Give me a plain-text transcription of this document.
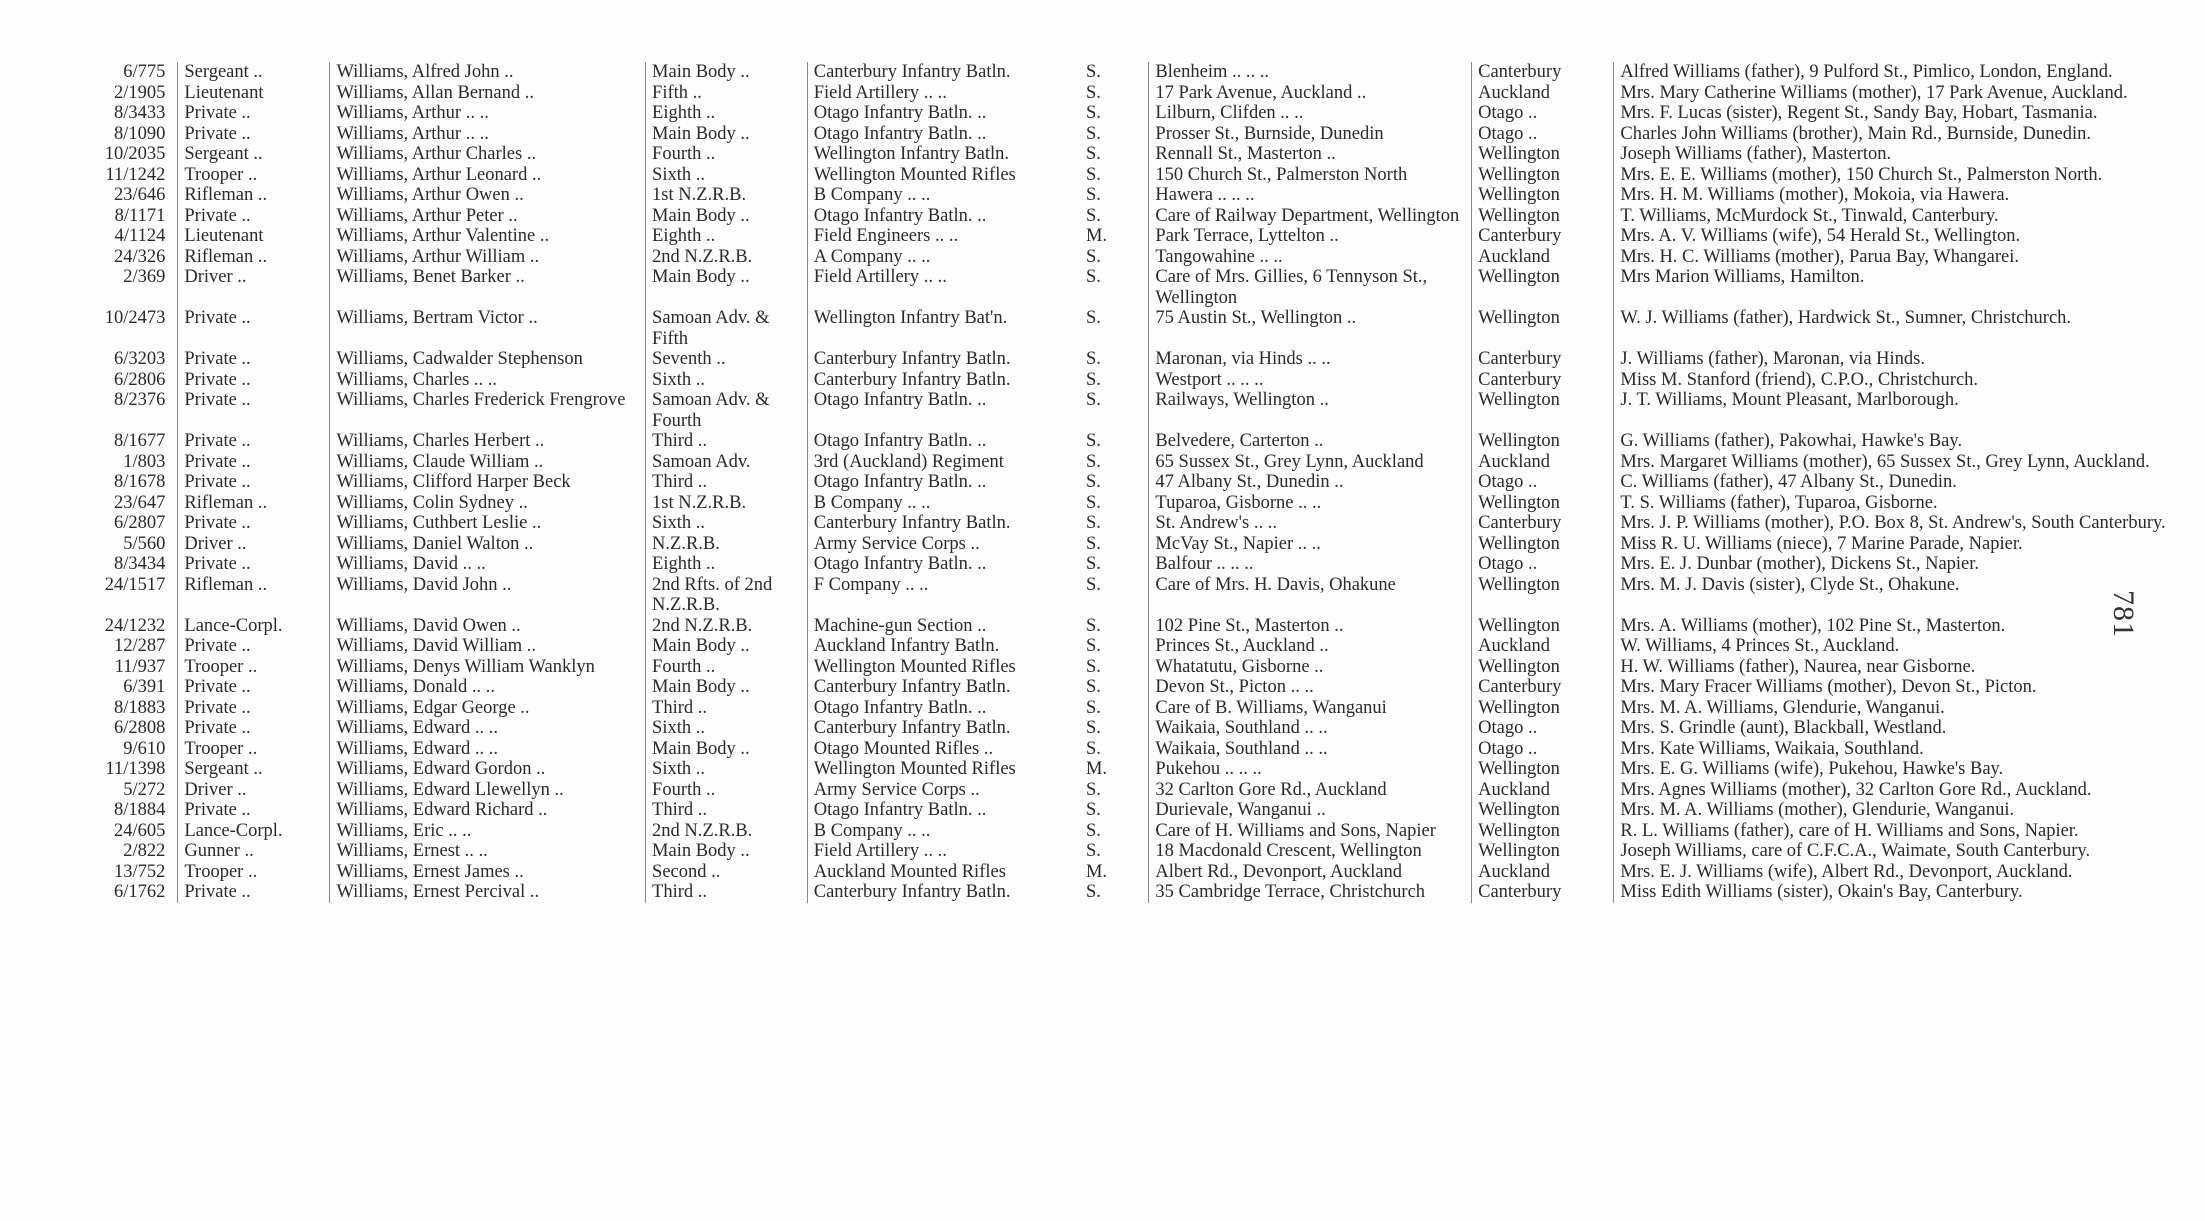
6/775	Sergeant ..	Williams, Alfred John ..	Main Body ..	Canterbury Infantry Batln.	S.	Blenheim .. .. ..	Canterbury	Alfred Williams (father), 9 Pulford St., Pimlico, London, England.
2/1905	Lieutenant	Williams, Allan Bernand ..	Fifth ..	Field Artillery .. ..	S.	17 Park Avenue, Auckland ..	Auckland	Mrs. Mary Catherine Williams (mother), 17 Park Avenue, Auckland.
8/3433	Private ..	Williams, Arthur .. ..	Eighth ..	Otago Infantry Batln. ..	S.	Lilburn, Clifden .. ..	Otago ..	Mrs. F. Lucas (sister), Regent St., Sandy Bay, Hobart, Tasmania.
8/1090	Private ..	Williams, Arthur .. ..	Main Body ..	Otago Infantry Batln. ..	S.	Prosser St., Burnside, Dunedin	Otago ..	Charles John Williams (brother), Main Rd., Burnside, Dunedin.
10/2035	Sergeant ..	Williams, Arthur Charles ..	Fourth ..	Wellington Infantry Batln.	S.	Rennall St., Masterton ..	Wellington	Joseph Williams (father), Masterton.
11/1242	Trooper ..	Williams, Arthur Leonard ..	Sixth ..	Wellington Mounted Rifles	S.	150 Church St., Palmerston North	Wellington	Mrs. E. E. Williams (mother), 150 Church St., Palmerston North.
23/646	Rifleman ..	Williams, Arthur Owen ..	1st N.Z.R.B.	B Company .. ..	S.	Hawera .. .. ..	Wellington	Mrs. H. M. Williams (mother), Mokoia, via Hawera.
8/1171	Private ..	Williams, Arthur Peter ..	Main Body ..	Otago Infantry Batln. ..	S.	Care of Railway Department, Wellington	Wellington	T. Williams, McMurdock St., Tinwald, Canterbury.
4/1124	Lieutenant	Williams, Arthur Valentine ..	Eighth ..	Field Engineers .. ..	M.	Park Terrace, Lyttelton ..	Canterbury	Mrs. A. V. Williams (wife), 54 Herald St., Wellington.
24/326	Rifleman ..	Williams, Arthur William ..	2nd N.Z.R.B.	A Company .. ..	S.	Tangowahine .. ..	Auckland	Mrs. H. C. Williams (mother), Parua Bay, Whangarei.
2/369	Driver ..	Williams, Benet Barker ..	Main Body ..	Field Artillery .. ..	S.	Care of Mrs. Gillies, 6 Tennyson St., Wellington	Wellington	Mrs Marion Williams, Hamilton.
10/2473	Private ..	Williams, Bertram Victor ..	Samoan Adv. & Fifth	Wellington Infantry Bat'n.	S.	75 Austin St., Wellington ..	Wellington	W. J. Williams (father), Hardwick St., Sumner, Christchurch.
6/3203	Private ..	Williams, Cadwalder Stephenson	Seventh ..	Canterbury Infantry Batln.	S.	Maronan, via Hinds .. ..	Canterbury	J. Williams (father), Maronan, via Hinds.
6/2806	Private ..	Williams, Charles .. ..	Sixth ..	Canterbury Infantry Batln.	S.	Westport .. .. ..	Canterbury	Miss M. Stanford (friend), C.P.O., Christchurch.
8/2376	Private ..	Williams, Charles Frederick Frengrove	Samoan Adv. & Fourth	Otago Infantry Batln. ..	S.	Railways, Wellington ..	Wellington	J. T. Williams, Mount Pleasant, Marlborough.
8/1677	Private ..	Williams, Charles Herbert ..	Third ..	Otago Infantry Batln. ..	S.	Belvedere, Carterton ..	Wellington	G. Williams (father), Pakowhai, Hawke's Bay.
1/803	Private ..	Williams, Claude William ..	Samoan Adv.	3rd (Auckland) Regiment	S.	65 Sussex St., Grey Lynn, Auckland	Auckland	Mrs. Margaret Williams (mother), 65 Sussex St., Grey Lynn, Auckland.
8/1678	Private ..	Williams, Clifford Harper Beck	Third ..	Otago Infantry Batln. ..	S.	47 Albany St., Dunedin ..	Otago ..	C. Williams (father), 47 Albany St., Dunedin.
23/647	Rifleman ..	Williams, Colin Sydney ..	1st N.Z.R.B.	B Company .. ..	S.	Tuparoa, Gisborne .. ..	Wellington	T. S. Williams (father), Tuparoa, Gisborne.
6/2807	Private ..	Williams, Cuthbert Leslie ..	Sixth ..	Canterbury Infantry Batln.	S.	St. Andrew's .. ..	Canterbury	Mrs. J. P. Williams (mother), P.O. Box 8, St. Andrew's, South Canterbury.
5/560	Driver ..	Williams, Daniel Walton ..	N.Z.R.B.	Army Service Corps ..	S.	McVay St., Napier .. ..	Wellington	Miss R. U. Williams (niece), 7 Marine Parade, Napier.
8/3434	Private ..	Williams, David .. ..	Eighth ..	Otago Infantry Batln. ..	S.	Balfour .. .. ..	Otago ..	Mrs. E. J. Dunbar (mother), Dickens St., Napier.
24/1517	Rifleman ..	Williams, David John ..	2nd Rfts. of 2nd N.Z.R.B.	F Company .. ..	S.	Care of Mrs. H. Davis, Ohakune	Wellington	Mrs. M. J. Davis (sister), Clyde St., Ohakune.
24/1232	Lance-Corpl.	Williams, David Owen ..	2nd N.Z.R.B.	Machine-gun Section ..	S.	102 Pine St., Masterton ..	Wellington	Mrs. A. Williams (mother), 102 Pine St., Masterton.
12/287	Private ..	Williams, David William ..	Main Body ..	Auckland Infantry Batln.	S.	Princes St., Auckland ..	Auckland	W. Williams, 4 Princes St., Auckland.
11/937	Trooper ..	Williams, Denys William Wanklyn	Fourth ..	Wellington Mounted Rifles	S.	Whatatutu, Gisborne ..	Wellington	H. W. Williams (father), Naurea, near Gisborne.
6/391	Private ..	Williams, Donald .. ..	Main Body ..	Canterbury Infantry Batln.	S.	Devon St., Picton .. ..	Canterbury	Mrs. Mary Fracer Williams (mother), Devon St., Picton.
8/1883	Private ..	Williams, Edgar George ..	Third ..	Otago Infantry Batln. ..	S.	Care of B. Williams, Wanganui	Wellington	Mrs. M. A. Williams, Glendurie, Wanganui.
6/2808	Private ..	Williams, Edward .. ..	Sixth ..	Canterbury Infantry Batln.	S.	Waikaia, Southland .. ..	Otago ..	Mrs. S. Grindle (aunt), Blackball, Westland.
9/610	Trooper ..	Williams, Edward .. ..	Main Body ..	Otago Mounted Rifles ..	S.	Waikaia, Southland .. ..	Otago ..	Mrs. Kate Williams, Waikaia, Southland.
11/1398	Sergeant ..	Williams, Edward Gordon ..	Sixth ..	Wellington Mounted Rifles	M.	Pukehou .. .. ..	Wellington	Mrs. E. G. Williams (wife), Pukehou, Hawke's Bay.
5/272	Driver ..	Williams, Edward Llewellyn ..	Fourth ..	Army Service Corps ..	S.	32 Carlton Gore Rd., Auckland	Auckland	Mrs. Agnes Williams (mother), 32 Carlton Gore Rd., Auckland.
8/1884	Private ..	Williams, Edward Richard ..	Third ..	Otago Infantry Batln. ..	S.	Durievale, Wanganui ..	Wellington	Mrs. M. A. Williams (mother), Glendurie, Wanganui.
24/605	Lance-Corpl.	Williams, Eric .. ..	2nd N.Z.R.B.	B Company .. ..	S.	Care of H. Williams and Sons, Napier	Wellington	R. L. Williams (father), care of H. Williams and Sons, Napier.
2/822	Gunner ..	Williams, Ernest .. ..	Main Body ..	Field Artillery .. ..	S.	18 Macdonald Crescent, Wellington	Wellington	Joseph Williams, care of C.F.C.A., Waimate, South Canterbury.
13/752	Trooper ..	Williams, Ernest James ..	Second ..	Auckland Mounted Rifles	M.	Albert Rd., Devonport, Auckland	Auckland	Mrs. E. J. Williams (wife), Albert Rd., Devonport, Auckland.
6/1762	Private ..	Williams, Ernest Percival ..	Third ..	Canterbury Infantry Batln.	S.	35 Cambridge Terrace, Christchurch	Canterbury	Miss Edith Williams (sister), Okain's Bay, Canterbury.
781
